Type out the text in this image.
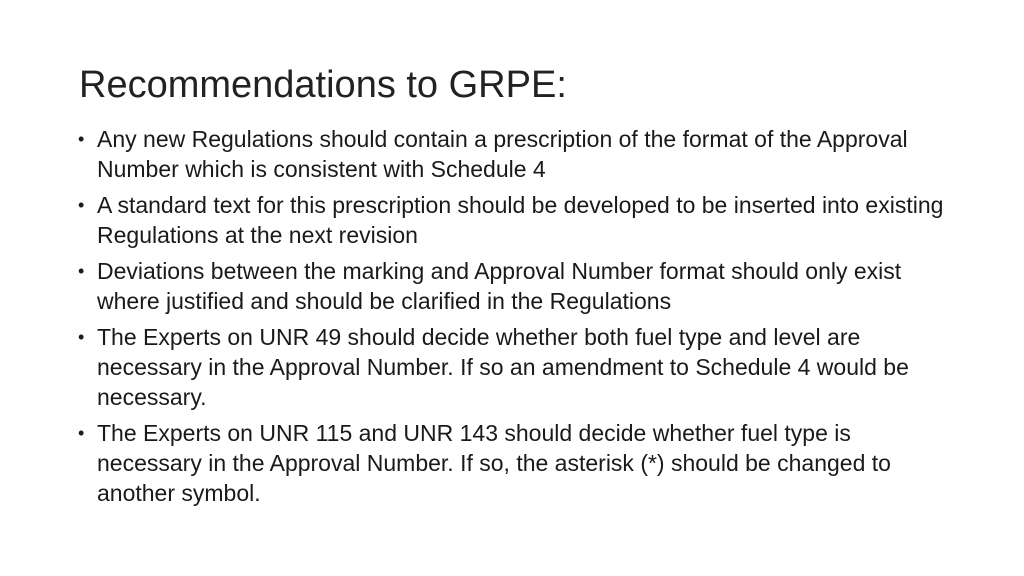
Recommendations to GRPE:
• Any new Regulations should contain a prescription of the format of the Approval Number which is consistent with Schedule 4
• A standard text for this prescription should be developed to be inserted into existing Regulations at the next revision
• Deviations between the marking and Approval Number format should only exist where justified and should be clarified in the Regulations
• The Experts on UNR 49 should decide whether both fuel type and level are necessary in the Approval Number. If so an amendment to Schedule 4 would be necessary.
• The Experts on UNR 115 and UNR 143 should decide whether fuel type is necessary in the Approval Number. If so, the asterisk (*) should be changed to another symbol.
